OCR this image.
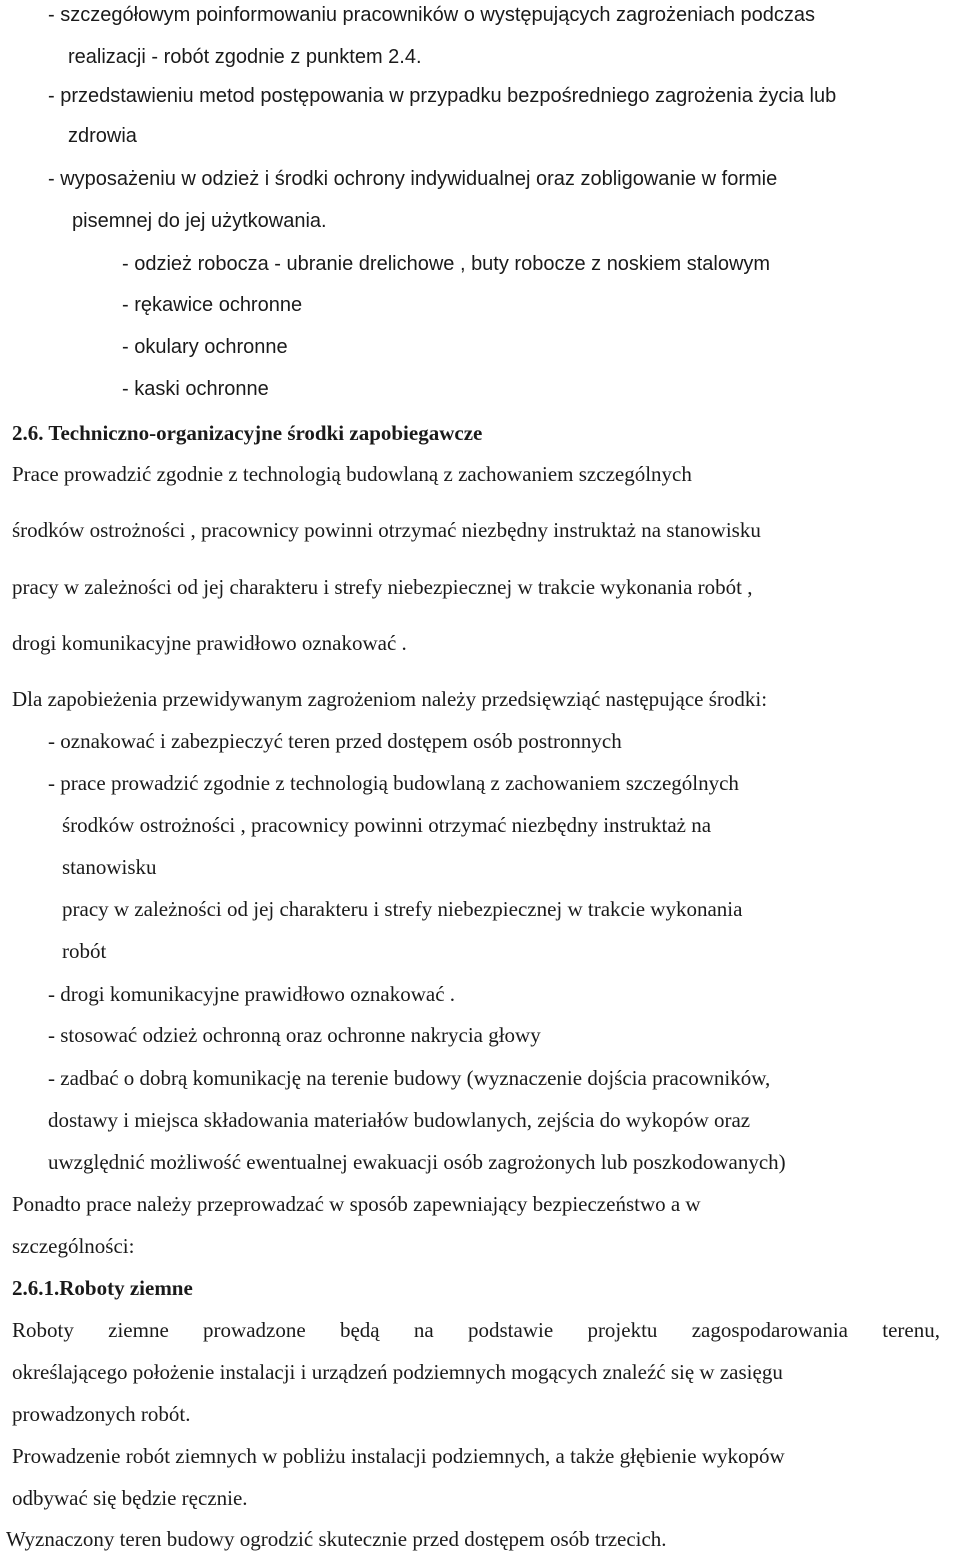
- szczegółowym poinformowaniu pracowników o występujących zagrożeniach podczas
realizacji - robót zgodnie z punktem 2.4.
- przedstawieniu metod postępowania w przypadku bezpośredniego zagrożenia życia lub
zdrowia
- wyposażeniu w odzież i środki ochrony indywidualnej oraz zobligowanie w formie
pisemnej do jej użytkowania.
- odzież robocza - ubranie drelichowe , buty robocze z noskiem stalowym
- rękawice ochronne
- okulary ochronne
- kaski ochronne
2.6. Techniczno-organizacyjne środki zapobiegawcze
Prace prowadzić zgodnie z technologią budowlaną z zachowaniem szczególnych
środków ostrożności , pracownicy powinni otrzymać niezbędny instruktaż na stanowisku
pracy w zależności od jej charakteru i strefy niebezpiecznej w trakcie wykonania robót ,
drogi komunikacyjne prawidłowo oznakować .
Dla zapobieżenia przewidywanym zagrożeniom należy przedsięwziąć następujące środki:
- oznakować i zabezpieczyć teren przed dostępem osób postronnych
- prace prowadzić zgodnie z technologią budowlaną z zachowaniem szczególnych
środków ostrożności , pracownicy powinni otrzymać niezbędny instruktaż na
stanowisku
pracy w zależności od jej charakteru i strefy niebezpiecznej w trakcie wykonania
robót
- drogi komunikacyjne prawidłowo oznakować .
- stosować odzież ochronną oraz ochronne nakrycia głowy
- zadbać o dobrą komunikację na terenie budowy (wyznaczenie dojścia pracowników,
dostawy i miejsca składowania materiałów budowlanych, zejścia do wykopów oraz
uwzględnić możliwość ewentualnej ewakuacji osób zagrożonych lub poszkodowanych)
Ponadto prace należy przeprowadzać w sposób zapewniający bezpieczeństwo a w
szczególności:
2.6.1.Roboty ziemne
Roboty ziemne prowadzone będą na podstawie projektu zagospodarowania terenu,
określającego położenie instalacji i urządzeń podziemnych mogących znaleźć się w zasięgu
prowadzonych robót.
Prowadzenie robót ziemnych w pobliżu instalacji podziemnych, a także głębienie wykopów
odbywać się będzie ręcznie.
Wyznaczony teren budowy ogrodzić skutecznie przed dostępem osób trzecich.
